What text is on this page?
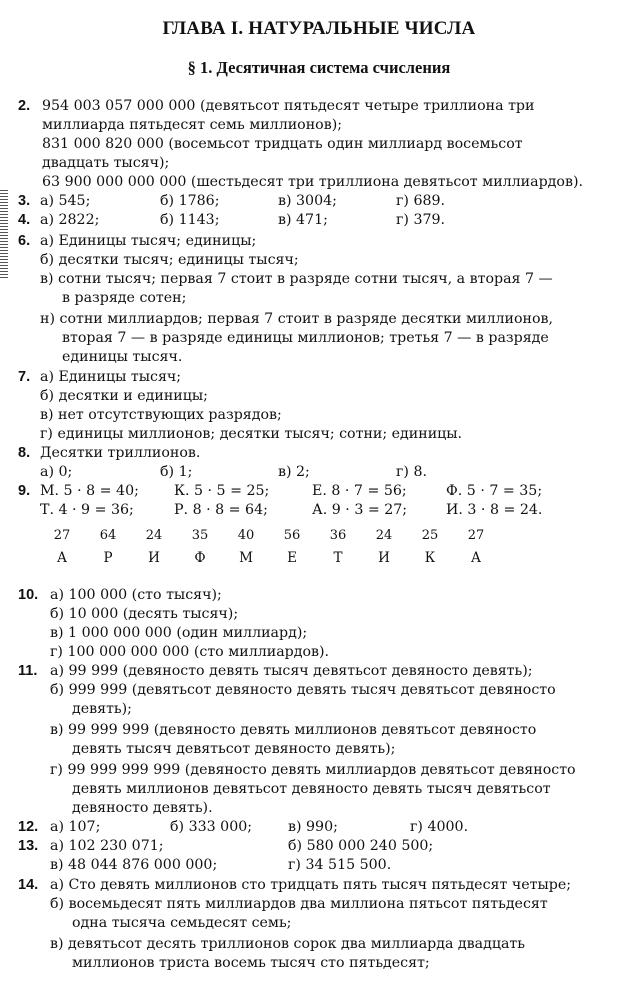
ГЛАВА I. НАТУРАЛЬНЫЕ ЧИСЛА
§ 1. Десятичная система счисления
2. 954 003 057 000 000 (девятьсот пятьдесят четыре триллиона три
миллиарда пятьдесят семь миллионов);
831 000 820 000 (восемьсот тридцать один миллиард восемьсот
двадцать тысяч);
63 900 000 000 000 (шестьдесят три триллиона девятьсот миллиардов).
3. а) 545;	б) 1786;	в) 3004;	г) 689.
4. а) 2822;	б) 1143;	в) 471;	г) 379.
6. а) Единицы тысяч; единицы;
б) десятки тысяч; единицы тысяч;
в) сотни тысяч; первая 7 стоит в разряде сотни тысяч, а вторая 7 —
в разряде сотен;
н) сотни миллиардов; первая 7 стоит в разряде десятки миллионов,
вторая 7 — в разряде единицы миллионов; третья 7 — в разряде
единицы тысяч.
7. а) Единицы тысяч;
б) десятки и единицы;
в) нет отсутствующих разрядов;
г) единицы миллионов; десятки тысяч; сотни; единицы.
8. Десятки триллионов.
а) 0;	б) 1;	в) 2;	г) 8.
9. М. 5 · 8 = 40; К. 5 · 5 = 25;	Е. 8 · 7 = 56;	Ф. 5 · 7 = 35;
Т. 4 · 9 = 36;	Р. 8 · 8 = 64;	А. 9 · 3 = 27;	И. 3 · 8 = 24.
27	64	24	35	40	56	36	24	25	27
А	Р	И	Ф	М	Е	Т	И	К	А
10. а) 100 000 (сто тысяч);
б) 10 000 (десять тысяч);
в) 1 000 000 000 (один миллиард);
г) 100 000 000 000 (сто миллиардов).
11. а) 99 999 (девяносто девять тысяч девятьсот девяносто девять);
б) 999 999 (девятьсот девяносто девять тысяч девятьсот девяносто
девять);
в) 99 999 999 (девяносто девять миллионов девятьсот девяносто
девять тысяч девятьсот девяносто девять);
г) 99 999 999 999 (девяносто девять миллиардов девятьсот девяносто
девять миллионов девятьсот девяносто девять тысяч девятьсот
девяносто девять).
12. а) 107;	б) 333 000;	в) 990;	г) 4000.
13. а) 102 230 071;	б) 580 000 240 500;
в) 48 044 876 000 000;	г) 34 515 500.
14. а) Сто девять миллионов сто тридцать пять тысяч пятьдесят четыре;
б) восемьдесят пять миллиардов два миллиона пятьсот пятьдесят
одна тысяча семьдесят семь;
в) девятьсот десять триллионов сорок два миллиарда двадцать
миллионов триста восемь тысяч сто пятьдесят;
